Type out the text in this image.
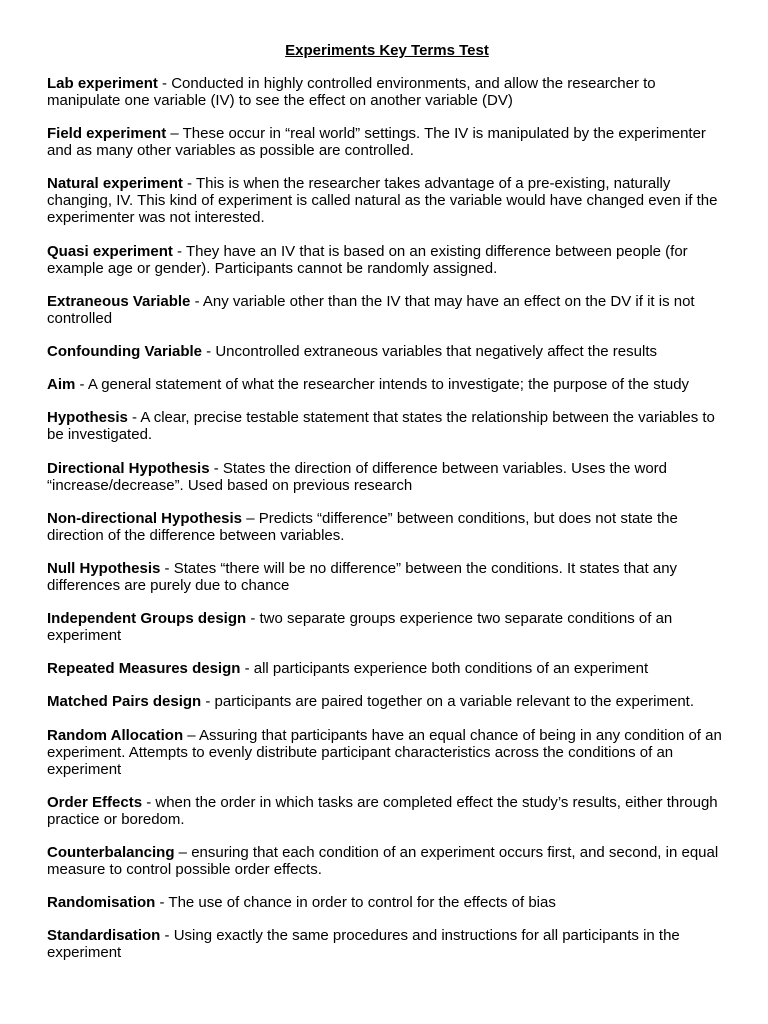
Experiments Key Terms Test

Lab experiment - Conducted in highly controlled environments, and allow the researcher to manipulate one variable (IV) to see the effect on another variable (DV)

Field experiment – These occur in “real world” settings. The IV is manipulated by the experimenter and as many other variables as possible are controlled.

Natural experiment - This is when the researcher takes advantage of a pre-existing, naturally changing, IV. This kind of experiment is called natural as the variable would have changed even if the experimenter was not interested.

Quasi experiment - They have an IV that is based on an existing difference between people (for example age or gender). Participants cannot be randomly assigned.

Extraneous Variable - Any variable other than the IV that may have an effect on the DV if it is not controlled

Confounding Variable - Uncontrolled extraneous variables that negatively affect the results

Aim - A general statement of what the researcher intends to investigate; the purpose of the study

Hypothesis - A clear, precise testable statement that states the relationship between the variables to be investigated.

Directional Hypothesis - States the direction of difference between variables. Uses the word “increase/decrease”. Used based on previous research

Non-directional Hypothesis – Predicts “difference” between conditions, but does not state the direction of the difference between variables.

Null Hypothesis - States “there will be no difference” between the conditions. It states that any differences are purely due to chance

Independent Groups design - two separate groups experience two separate conditions of an experiment

Repeated Measures design - all participants experience both conditions of an experiment

Matched Pairs design - participants are paired together on a variable relevant to the experiment.

Random Allocation – Assuring that participants have an equal chance of being in any condition of an experiment. Attempts to evenly distribute participant characteristics across the conditions of an experiment

Order Effects - when the order in which tasks are completed effect the study’s results, either through practice or boredom.

Counterbalancing – ensuring that each condition of an experiment occurs first, and second, in equal measure to control possible order effects.

Randomisation - The use of chance in order to control for the effects of bias

Standardisation - Using exactly the same procedures and instructions for all participants in the experiment
